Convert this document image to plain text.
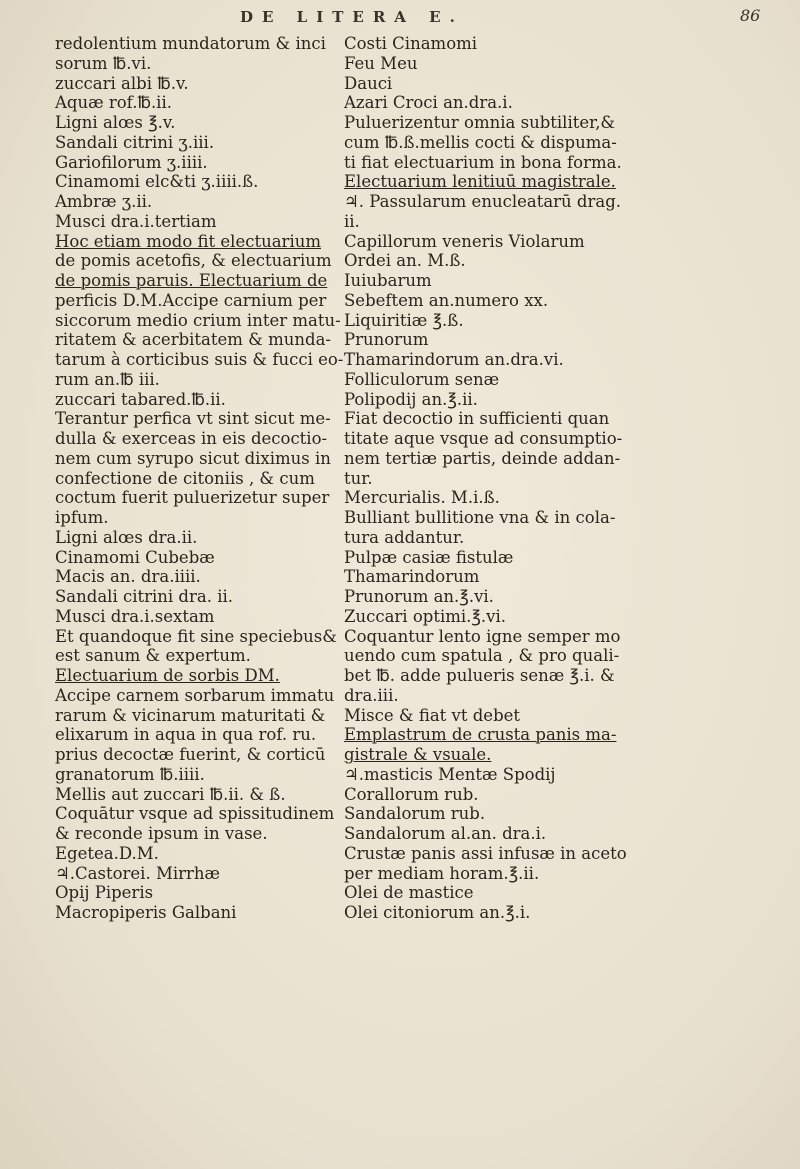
DE LITERA E.	86
redolentium mundatorum & inci
sorum ℔.vi.
zuccari albi ℔.v.
Aquæ rof.℔.ii.
Ligni alœs ℥.v.
Sandali citrini ʒ.iii.
Gariofilorum ʒ.iiii.
Cinamomi elc&ti ʒ.iiii.ß.
Ambræ ʒ.ii.
Musci dra.i.tertiam
Hoc etiam modo fit electuarium
de pomis acetofis, & electuarium
de pomis paruis. Electuarium de
perficis D.M.Accipe carnium per
siccorum medio crium inter matu-
ritatem & acerbitatem & munda-
tarum à corticibus suis & fucci eo-
rum an.℔ iii.
zuccari tabared.℔.ii.
Terantur perfica vt sint sicut me-
dulla & exerceas in eis decoctio-
nem cum syrupo sicut diximus in
confectione de citoniis , & cum
coctum fuerit puluerizetur super
ipfum.
Ligni alœs dra.ii.
Cinamomi Cubebæ
Macis an. dra.iiii.
Sandali citrini dra. ii.
Musci dra.i.sextam
Et quandoque fit sine speciebus&
est sanum & expertum.
Electuarium de sorbis DM.
Accipe carnem sorbarum immatu
rarum & vicinarum maturitati &
elixarum in aqua in qua rof. ru.
prius decoctæ fuerint, & corticū
granatorum ℔.iiii.
Mellis aut zuccari ℔.ii. & ß.
Coquātur vsque ad spissitudinem
& reconde ipsum in vase.
Egetea.D.M.
♃.Castorei. Mirrhæ
Opij Piperis
Macropiperis Galbani
Costi Cinamomi
Feu Meu
Dauci
Azari Croci an.dra.i.
Puluerizentur omnia subtiliter,&
cum ℔.ß.mellis cocti & dispuma-
ti fiat electuarium in bona forma.
Electuarium lenitiuū magistrale.
♃. Passularum enucleatarū drag.
ii.
Capillorum veneris Violarum
Ordei an. M.ß.
Iuiubarum
Sebeftem an.numero xx.
Liquiritiæ ℥.ß.
Prunorum
Thamarindorum an.dra.vi.
Folliculorum senæ
Polipodij an.℥.ii.
Fiat decoctio in sufficienti quan
titate aque vsque ad consumptio-
nem tertiæ partis, deinde addan-
tur.
Mercurialis. M.i.ß.
Bulliant bullitione vna & in cola-
tura addantur.
Pulpæ casiæ fistulæ
Thamarindorum
Prunorum an.℥.vi.
Zuccari optimi.℥.vi.
Coquantur lento igne semper mo
uendo cum spatula , & pro quali-
bet ℔. adde pulueris senæ ℥.i. &
dra.iii.
Misce & fiat vt debet
Emplastrum de crusta panis ma-
gistrale & vsuale.
♃.masticis Mentæ Spodij
Corallorum rub.
Sandalorum rub.
Sandalorum al.an. dra.i.
Crustæ panis assi infusæ in aceto
per mediam horam.℥.ii.
Olei de mastice
Olei citoniorum an.℥.i.
